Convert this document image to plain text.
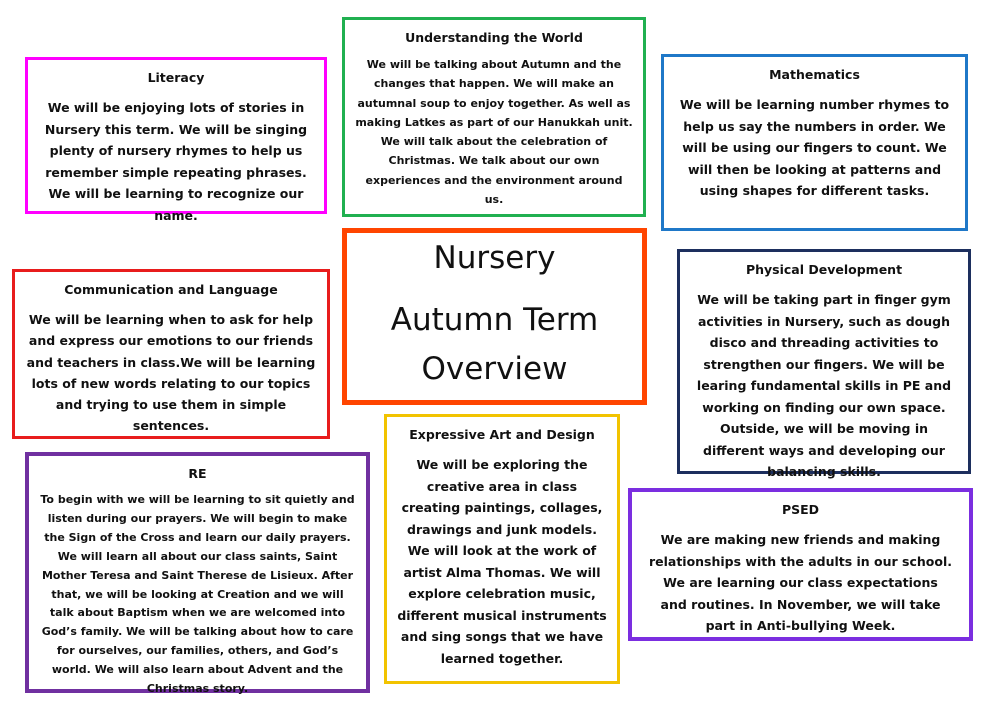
Literacy
We will be enjoying lots of stories in Nursery this term. We will be singing plenty of nursery rhymes to help us remember simple repeating phrases. We will be learning to recognize our name.
Understanding the World
We will be talking about Autumn and the changes that happen. We will make an autumnal soup to enjoy together. As well as making Latkes as part of our Hanukkah unit. We will talk about the celebration of Christmas. We talk about our own experiences and the environment around us.
Mathematics
We will be learning number rhymes to help us say the numbers in order. We will be using our fingers to count. We will then be looking at patterns and using shapes for different tasks.
Nursery
Autumn Term
Overview
Communication and Language
We will be learning when to ask for help and express our emotions to our friends and teachers in class.We will be learning lots of new words relating to our topics and trying to use them in simple sentences.
Physical Development
We will be taking part in finger gym activities in Nursery, such as dough disco and threading activities to strengthen our fingers. We will be learing fundamental skills in PE and working on finding our own space. Outside, we will be moving in different ways and developing our balancing skills.
RE
To begin with we will be learning to sit quietly and listen during our prayers. We will begin to make the Sign of the Cross and learn our daily prayers. We will learn all about our class saints, Saint Mother Teresa and Saint Therese de Lisieux. After that, we will be looking at Creation and we will talk about Baptism when we are welcomed into God’s family. We will be talking about how to care for ourselves, our families, others, and God’s world. We will also learn about Advent and the Christmas story.
Expressive Art and Design
We will be exploring the creative area in class creating paintings, collages, drawings and junk models. We will look at the work of artist Alma Thomas. We will explore celebration music, different musical instruments and sing songs that we have learned together.
PSED
We are making new friends and making relationships with the adults in our school. We are learning our class expectations and routines. In November, we will take part in Anti-bullying Week.
